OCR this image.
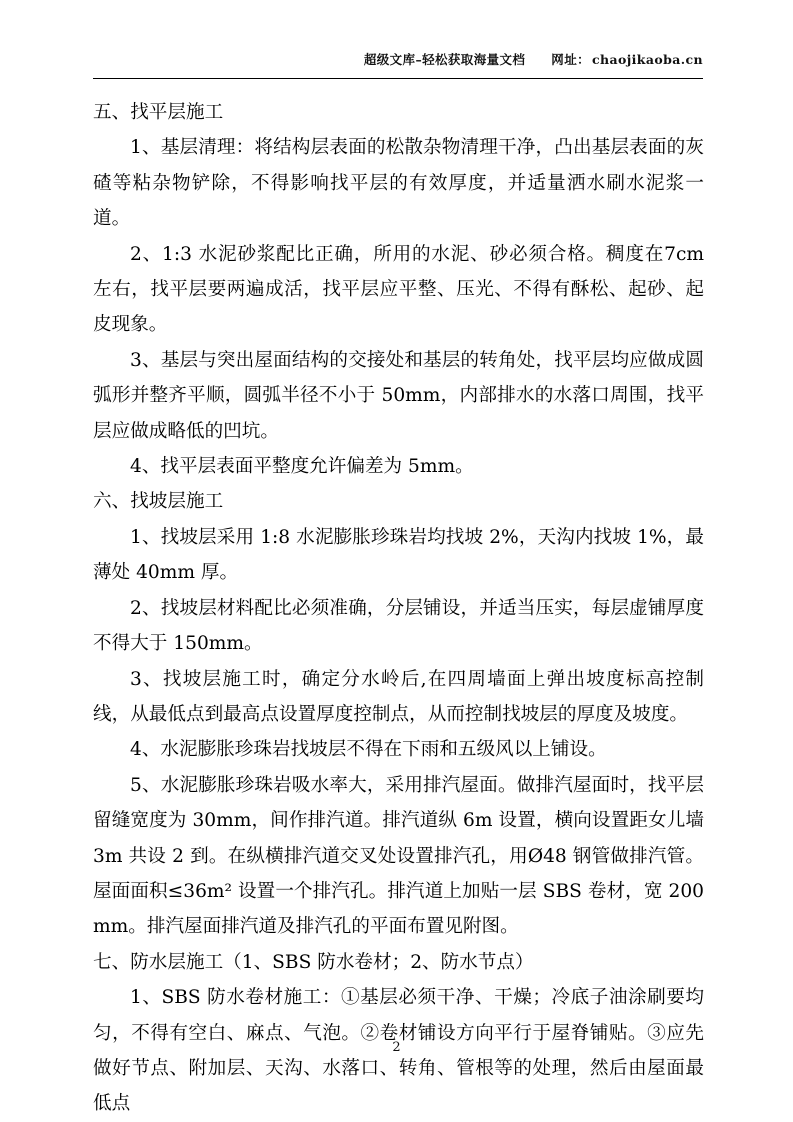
超级文库–轻松获取海量文档 网址： chaojikaoba.cn

五、找平层施工

1、基层清理：将结构层表面的松散杂物清理干净，凸出基层表面的灰碴等粘杂物铲除，不得影响找平层的有效厚度，并适量洒水刷水泥浆一道。

2、1:3 水泥砂浆配比正确，所用的水泥、砂必须合格。稠度在7cm 左右，找平层要两遍成活，找平层应平整、压光、不得有酥松、起砂、起皮现象。

3、基层与突出屋面结构的交接处和基层的转角处，找平层均应做成圆弧形并整齐平顺，圆弧半径不小于 50mm，内部排水的水落口周围，找平层应做成略低的凹坑。

4、找平层表面平整度允许偏差为 5mm。

六、找坡层施工

1、找坡层采用 1:8 水泥膨胀珍珠岩均找坡 2%，天沟内找坡 1%，最薄处 40mm 厚。

2、找坡层材料配比必须准确，分层铺设，并适当压实，每层虚铺厚度不得大于 150mm。

3、找坡层施工时，确定分水岭后,在四周墙面上弹出坡度标高控制线，从最低点到最高点设置厚度控制点，从而控制找坡层的厚度及坡度。

4、水泥膨胀珍珠岩找坡层不得在下雨和五级风以上铺设。

5、水泥膨胀珍珠岩吸水率大，采用排汽屋面。做排汽屋面时，找平层留缝宽度为 30mm，间作排汽道。排汽道纵 6m 设置，横向设置距女儿墙 3m 共设 2 到。在纵横排汽道交叉处设置排汽孔，用Ø48 钢管做排汽管。屋面面积≤36m² 设置一个排汽孔。排汽道上加贴一层 SBS 卷材，宽 200mm。排汽屋面排汽道及排汽孔的平面布置见附图。

七、防水层施工（1、SBS 防水卷材；2、防水节点）

1、SBS 防水卷材施工：①基层必须干净、干燥；冷底子油涂刷要均匀，不得有空白、麻点、气泡。②卷材铺设方向平行于屋脊铺贴。③应先做好节点、附加层、天沟、水落口、转角、管根等的处理，然后由屋面最低点

2
